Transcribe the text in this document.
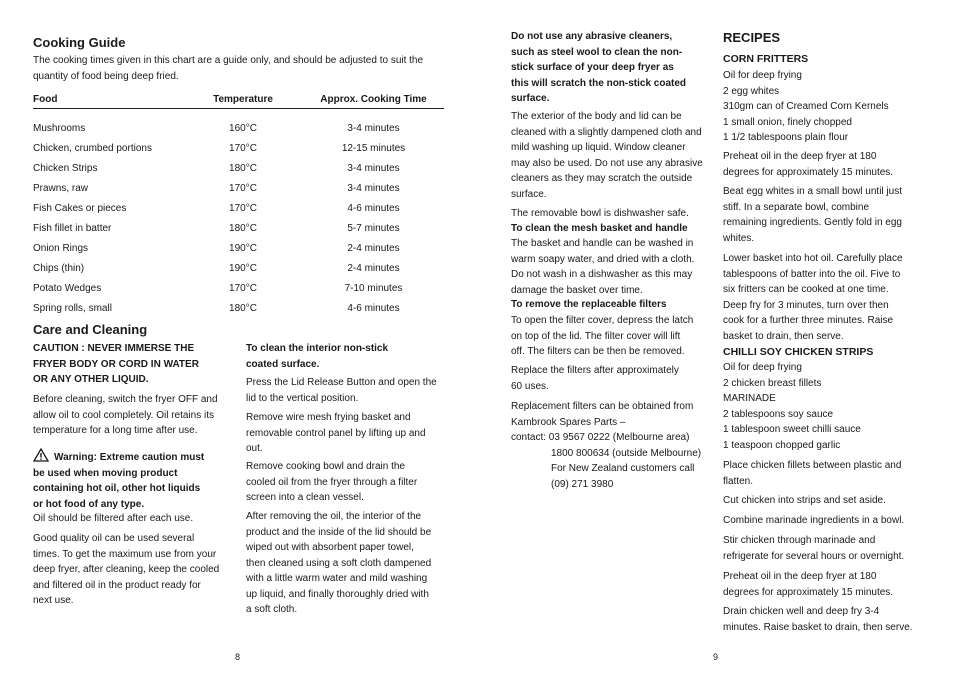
Cooking Guide

The cooking times given in this chart are a guide only, and should be adjusted to suit the quantity of food being deep fried.

Food	Temperature	Approx. Cooking Time
Mushrooms	160°C	3-4 minutes
Chicken, crumbed portions	170°C	12-15 minutes
Chicken Strips	180°C	3-4 minutes
Prawns, raw	170°C	3-4 minutes
Fish Cakes or pieces	170°C	4-6 minutes
Fish fillet in batter	180°C	5-7 minutes
Onion Rings	190°C	2-4 minutes
Chips (thin)	190°C	2-4 minutes
Potato Wedges	170°C	7-10 minutes
Spring rolls, small	180°C	4-6 minutes
Care and Cleaning
CAUTION : NEVER IMMERSE THE
FRYER BODY OR CORD IN WATER
OR ANY OTHER LIQUID.
Before cleaning, switch the fryer OFF and
allow oil to cool completely. Oil retains its
temperature for a long time after use.
Warning: Extreme caution must
be used when moving product
containing hot oil, other hot liquids
or hot food of any type.

Oil should be filtered after each use.

Good quality oil can be used several
times. To get the maximum use from your
deep fryer, after cleaning, keep the cooled
and filtered oil in the product ready for
next use.
To clean the interior non-stick
coated surface.
Press the Lid Release Button and open the
lid to the vertical position.
Remove wire mesh frying basket and
removable control panel by lifting up and
out.
Remove cooking bowl and drain the
cooled oil from the fryer through a filter
screen into a clean vessel.
After removing the oil, the interior of the
product and the inside of the lid should be
wiped out with absorbent paper towel,
then cleaned using a soft cloth dampened
with a little warm water and mild washing
up liquid, and finally thoroughly dried with
a soft cloth.
8
Do not use any abrasive cleaners,
such as steel wool to clean the non-
stick surface of your deep fryer as
this will scratch the non-stick coated
surface.
The exterior of the body and lid can be
cleaned with a slightly dampened cloth and
mild washing up liquid. Window cleaner
may also be used. Do not use any abrasive
cleaners as they may scratch the outside
surface.

The removable bowl is dishwasher safe.

To clean the mesh basket and handle

The basket and handle can be washed in
warm soapy water, and dried with a cloth.
Do not wash in a dishwasher as this may
damage the basket over time.

To remove the replaceable filters

To open the filter cover, depress the latch
on top of the lid. The filter cover will lift
off. The filters can be then be removed.
Replace the filters after approximately
60 uses.
Replacement filters can be obtained from
Kambrook Spares Parts –
contact: 03 9567 0222 (Melbourne area)
1800 800634 (outside Melbourne)
For New Zealand customers call
(09) 271 3980
9

RECIPES

CORN FRITTERS

Oil for deep frying
2 egg whites
310gm can of Creamed Corn Kernels
1 small onion, finely chopped
1 1/2 tablespoons plain flour
Preheat oil in the deep fryer at 180
degrees for approximately 15 minutes.
Beat egg whites in a small bowl until just
stiff. In a separate bowl, combine
remaining ingredients. Gently fold in egg
whites.
Lower basket into hot oil. Carefully place
tablespoons of batter into the oil. Five to
six fritters can be cooked at one time.
Deep fry for 3 minutes, turn over then
cook for a further three minutes. Raise
basket to drain, then serve.

CHILLI SOY CHICKEN STRIPS

Oil for deep frying
2 chicken breast fillets
MARINADE
2 tablespoons soy sauce
1 tablespoon sweet chilli sauce
1 teaspoon chopped garlic
Place chicken fillets between plastic and
flatten.

Cut chicken into strips and set aside.

Combine marinade ingredients in a bowl.

Stir chicken through marinade and
refrigerate for several hours or overnight.
Preheat oil in the deep fryer at 180
degrees for approximately 15 minutes.
Drain chicken well and deep fry 3-4
minutes. Raise basket to drain, then serve.
